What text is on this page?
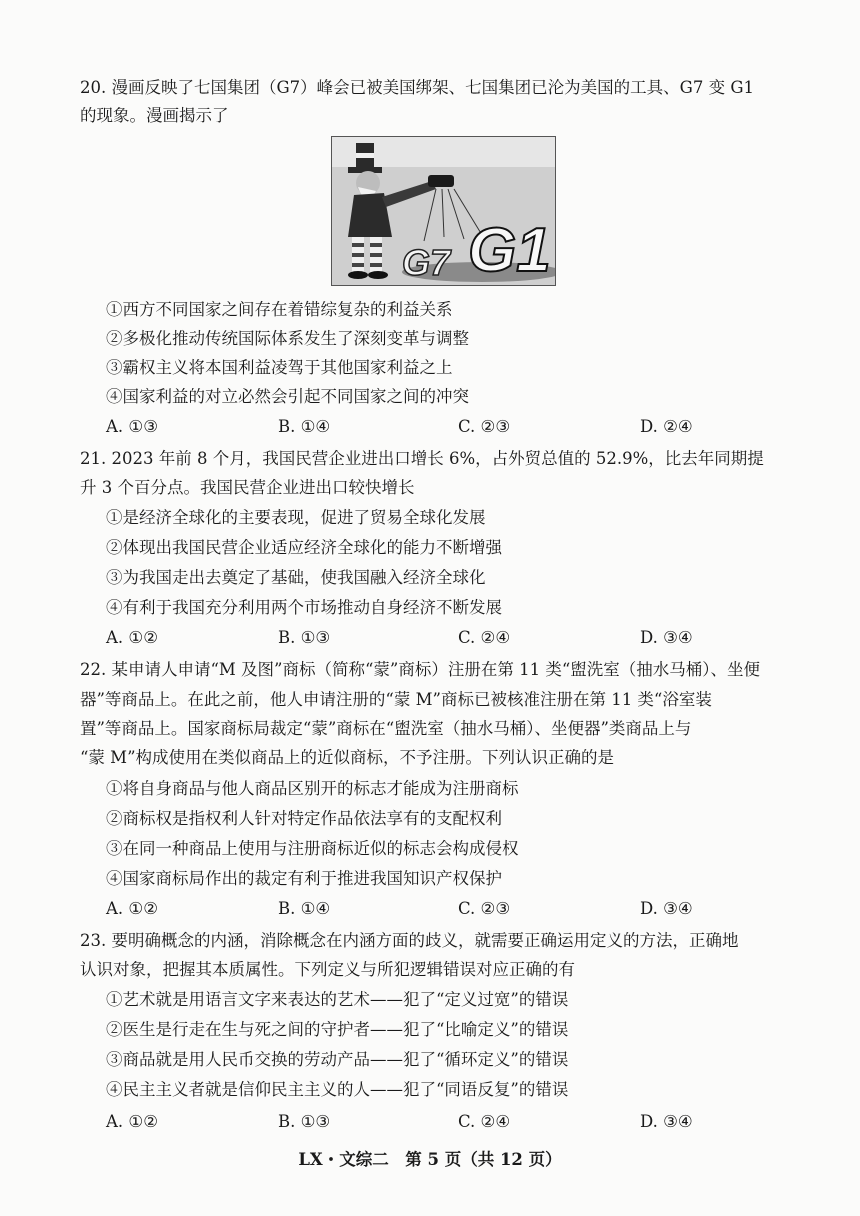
20. 漫画反映了七国集团（G7）峰会已被美国绑架、七国集团已沦为美国的工具、G7 变 G1
的现象。漫画揭示了
G7 G1
①西方不同国家之间存在着错综复杂的利益关系
②多极化推动传统国际体系发生了深刻变革与调整
③霸权主义将本国利益凌驾于其他国家利益之上
④国家利益的对立必然会引起不同国家之间的冲突
A. ①③	B. ①④	C. ②③	D. ②④
21. 2023 年前 8 个月，我国民营企业进出口增长 6%，占外贸总值的 52.9%，比去年同期提
升 3 个百分点。我国民营企业进出口较快增长
①是经济全球化的主要表现，促进了贸易全球化发展
②体现出我国民营企业适应经济全球化的能力不断增强
③为我国走出去奠定了基础，使我国融入经济全球化
④有利于我国充分利用两个市场推动自身经济不断发展
A. ①②	B. ①③	C. ②④	D. ③④
22. 某申请人申请“M 及图”商标（简称“蒙”商标）注册在第 11 类“盥洗室（抽水马桶）、坐便
器”等商品上。在此之前，他人申请注册的“蒙 M”商标已被核准注册在第 11 类“浴室装
置”等商品上。国家商标局裁定“蒙”商标在“盥洗室（抽水马桶）、坐便器”类商品上与
“蒙 M”构成使用在类似商品上的近似商标，不予注册。下列认识正确的是
①将自身商品与他人商品区别开的标志才能成为注册商标
②商标权是指权利人针对特定作品依法享有的支配权利
③在同一种商品上使用与注册商标近似的标志会构成侵权
④国家商标局作出的裁定有利于推进我国知识产权保护
A. ①②	B. ①④	C. ②③	D. ③④
23. 要明确概念的内涵，消除概念在内涵方面的歧义，就需要正确运用定义的方法，正确地
认识对象，把握其本质属性。下列定义与所犯逻辑错误对应正确的有
①艺术就是用语言文字来表达的艺术——犯了“定义过宽”的错误
②医生是行走在生与死之间的守护者——犯了“比喻定义”的错误
③商品就是用人民币交换的劳动产品——犯了“循环定义”的错误
④民主主义者就是信仰民主主义的人——犯了“同语反复”的错误
A. ①②	B. ①③	C. ②④	D. ③④
LX・文综二　第 5 页（共 12 页）
